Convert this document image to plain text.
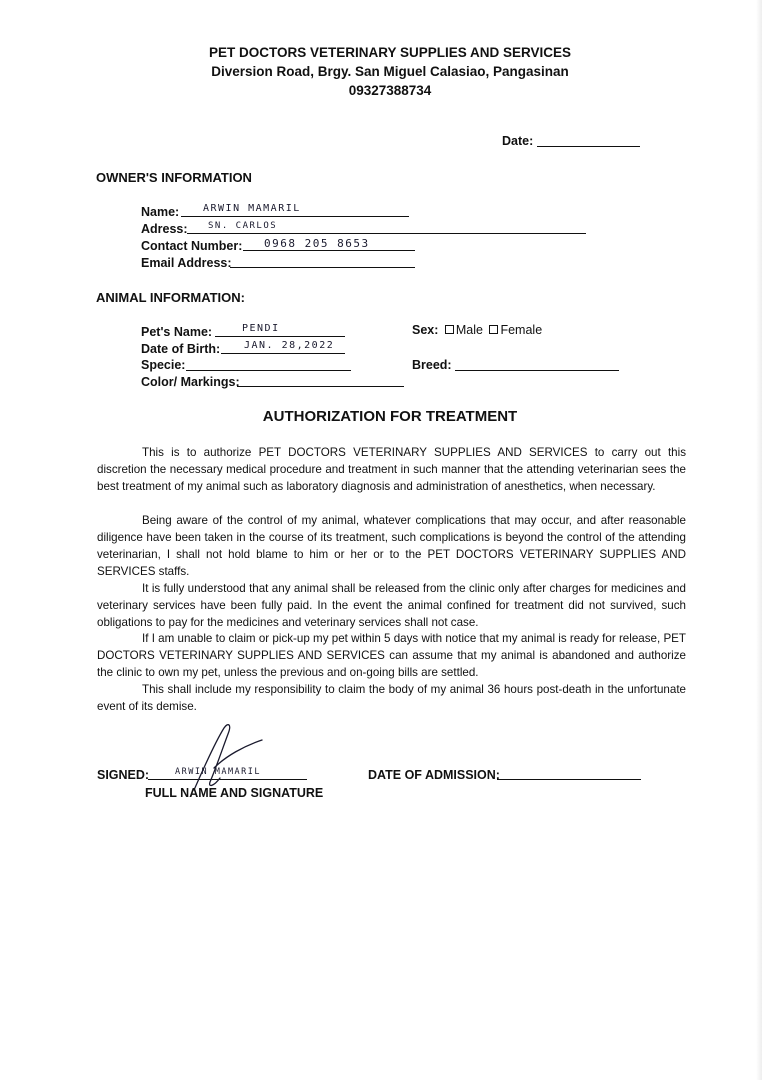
PET DOCTORS VETERINARY SUPPLIES AND SERVICES
Diversion Road, Brgy. San Miguel Calasiao, Pangasinan
09327388734
Date:
OWNER'S INFORMATION
Name: ARWIN MAMARIL
Adress: SN. CARLOS
Contact Number: 0968 205 8653
Email Address:
ANIMAL INFORMATION:
Pet's Name:	PENDI
Date of Birth: JAN. 28,2022
Specie:
Color/ Markings:
Sex: Male Female
Breed:
AUTHORIZATION FOR TREATMENT

This is to authorize PET DOCTORS VETERINARY SUPPLIES AND SERVICES to carry out this discretion the necessary medical procedure and treatment in such manner that the attending veterinarian sees the best treatment of my animal such as laboratory diagnosis and administration of anesthetics, when necessary.

Being aware of the control of my animal, whatever complications that may occur, and after reasonable diligence have been taken in the course of its treatment, such complications is beyond the control of the attending veterinarian, I shall not hold blame to him or her or to the PET DOCTORS VETERINARY SUPPLIES AND SERVICES staffs.

It is fully understood that any animal shall be released from the clinic only after charges for medicines and veterinary services have been fully paid. In the event the animal confined for treatment did not survived, such obligations to pay for the medicines and veterinary services shall not case.

If I am unable to claim or pick-up my pet within 5 days with notice that my animal is ready for release, PET DOCTORS VETERINARY SUPPLIES AND SERVICES can assume that my animal is abandoned and authorize the clinic to own my pet, unless the previous and on-going bills are settled.

This shall include my responsibility to claim the body of my animal 36 hours post-death in the unfortunate event of its demise.

SIGNED:	ARWIN MAMARIL
FULL NAME AND SIGNATURE
DATE OF ADMISSION:
